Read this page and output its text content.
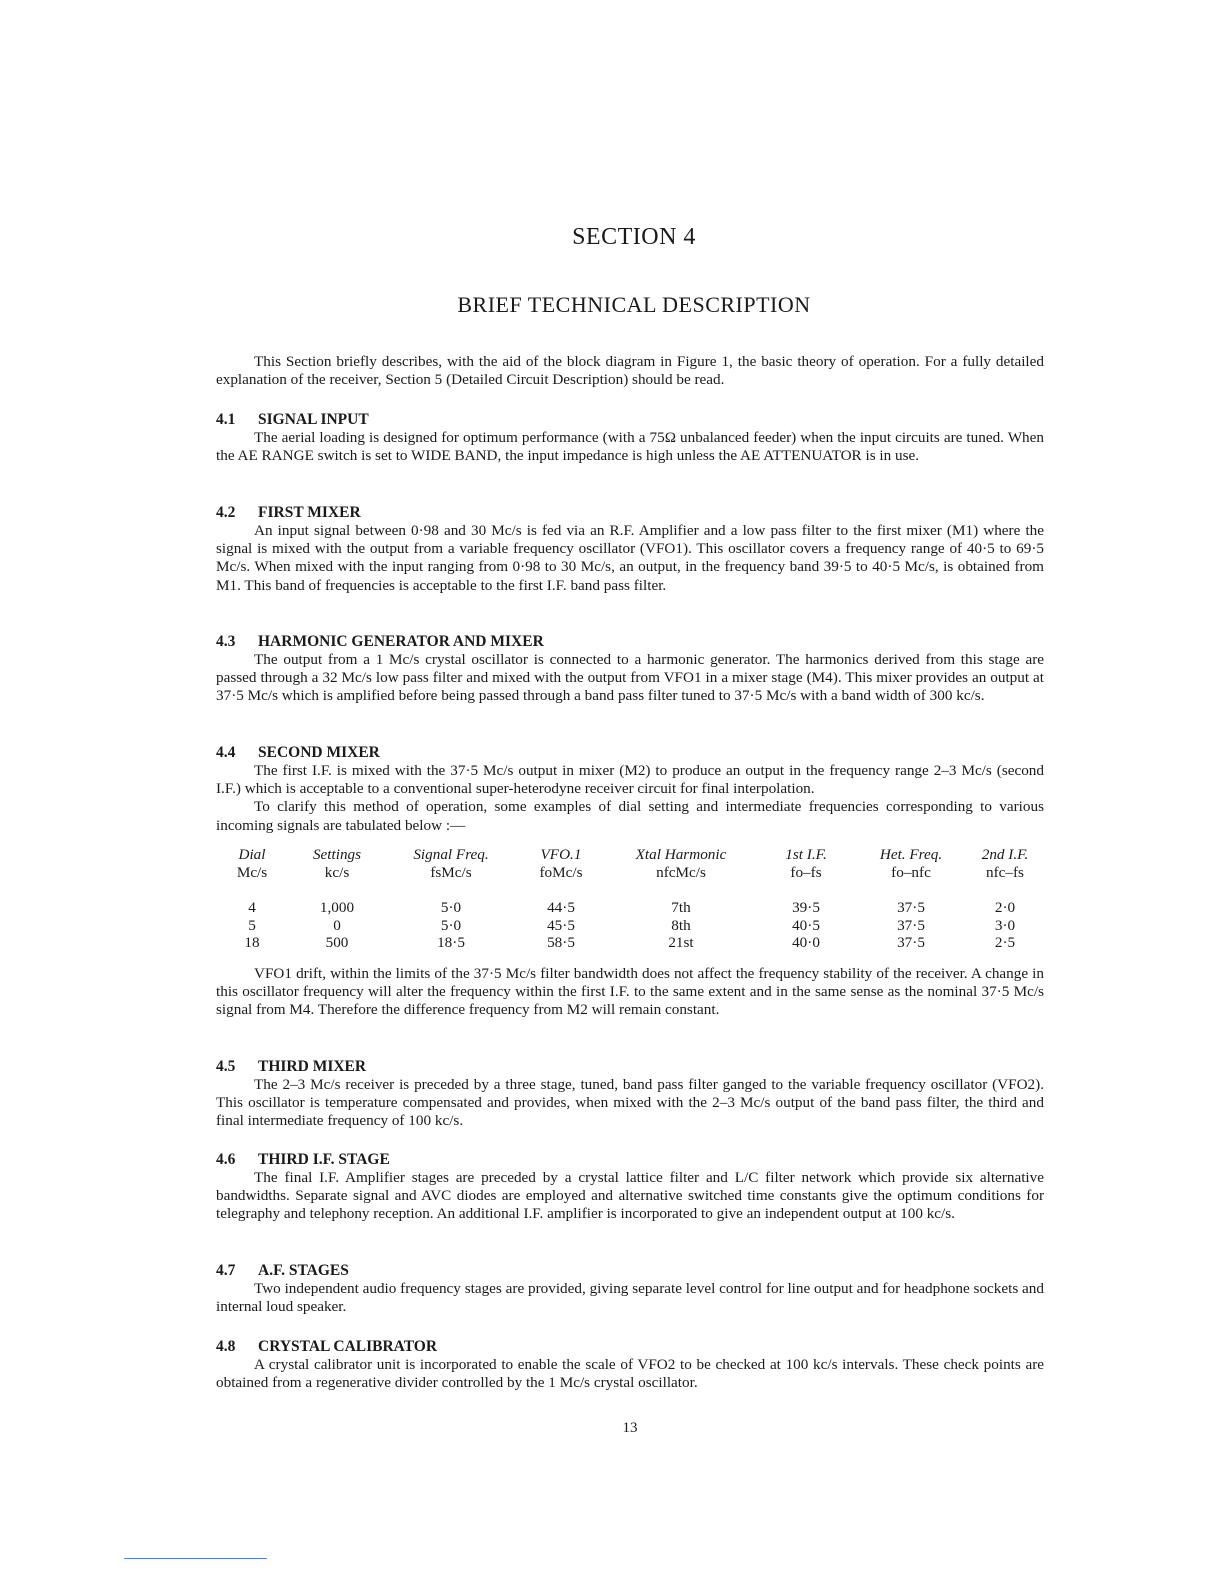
SECTION 4
BRIEF TECHNICAL DESCRIPTION

This Section briefly describes, with the aid of the block diagram in Figure 1, the basic theory of operation. For a fully detailed explanation of the receiver, Section 5 (Detailed Circuit Description) should be read.

4.1 SIGNAL INPUT

The aerial loading is designed for optimum performance (with a 75Ω unbalanced feeder) when the input circuits are tuned. When the AE RANGE switch is set to WIDE BAND, the input impedance is high unless the AE ATTENUATOR is in use.

4.2 FIRST MIXER

An input signal between 0·98 and 30 Mc/s is fed via an R.F. Amplifier and a low pass filter to the first mixer (M1) where the signal is mixed with the output from a variable frequency oscillator (VFO1). This oscillator covers a frequency range of 40·5 to 69·5 Mc/s. When mixed with the input ranging from 0·98 to 30 Mc/s, an output, in the frequency band 39·5 to 40·5 Mc/s, is obtained from M1. This band of frequencies is acceptable to the first I.F. band pass filter.

4.3 HARMONIC GENERATOR AND MIXER

The output from a 1 Mc/s crystal oscillator is connected to a harmonic generator. The harmonics derived from this stage are passed through a 32 Mc/s low pass filter and mixed with the output from VFO1 in a mixer stage (M4). This mixer provides an output at 37·5 Mc/s which is amplified before being passed through a band pass filter tuned to 37·5 Mc/s with a band width of 300 kc/s.

4.4 SECOND MIXER

The first I.F. is mixed with the 37·5 Mc/s output in mixer (M2) to produce an output in the frequency range 2–3 Mc/s (second I.F.) which is acceptable to a conventional super-heterodyne receiver circuit for final interpolation.

To clarify this method of operation, some examples of dial setting and intermediate frequencies corresponding to various incoming signals are tabulated below :—

Dial	Settings	Signal Freq.	VFO.1	Xtal Harmonic	1st I.F.	Het. Freq.	2nd I.F.
Mc/s	kc/s	fsMc/s	foMc/s	nfcMc/s	fo–fs	fo–nfc	nfc–fs

4	1,000	5·0	44·5	7th	39·5	37·5	2·0
5	0	5·0	45·5	8th	40·5	37·5	3·0
18	500	18·5	58·5	21st	40·0	37·5	2·5

VFO1 drift, within the limits of the 37·5 Mc/s filter bandwidth does not affect the frequency stability of the receiver. A change in this oscillator frequency will alter the frequency within the first I.F. to the same extent and in the same sense as the nominal 37·5 Mc/s signal from M4. Therefore the difference frequency from M2 will remain constant.

4.5 THIRD MIXER

The 2–3 Mc/s receiver is preceded by a three stage, tuned, band pass filter ganged to the variable frequency oscillator (VFO2). This oscillator is temperature compensated and provides, when mixed with the 2–3 Mc/s output of the band pass filter, the third and final intermediate frequency of 100 kc/s.

4.6 THIRD I.F. STAGE

The final I.F. Amplifier stages are preceded by a crystal lattice filter and L/C filter network which provide six alternative bandwidths. Separate signal and AVC diodes are employed and alternative switched time constants give the optimum conditions for telegraphy and telephony reception. An additional I.F. amplifier is incorporated to give an independent output at 100 kc/s.

4.7 A.F. STAGES

Two independent audio frequency stages are provided, giving separate level control for line output and for headphone sockets and internal loud speaker.

4.8 CRYSTAL CALIBRATOR

A crystal calibrator unit is incorporated to enable the scale of VFO2 to be checked at 100 kc/s intervals. These check points are obtained from a regenerative divider controlled by the 1 Mc/s crystal oscillator.

13
